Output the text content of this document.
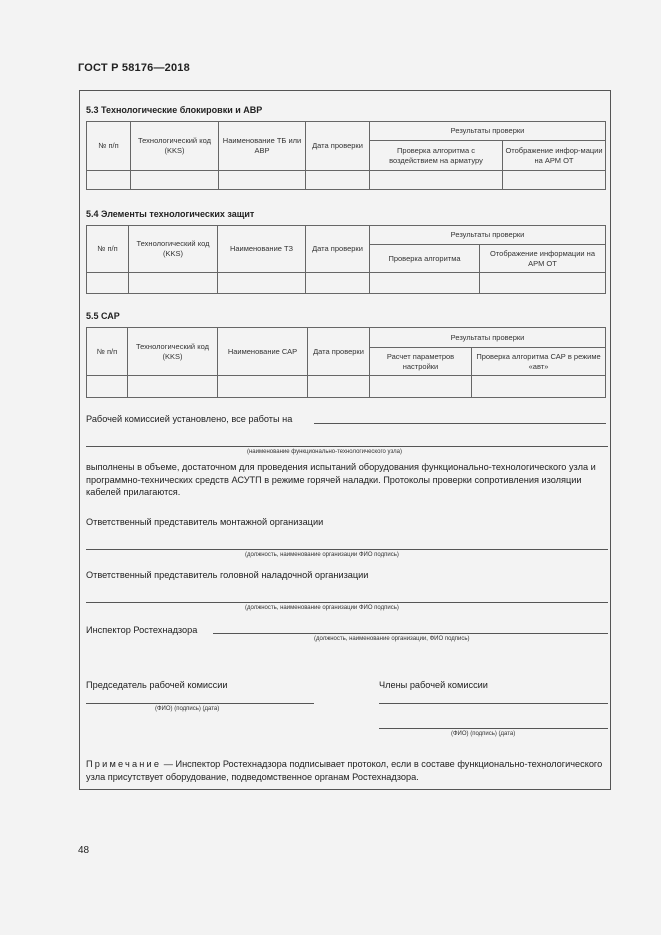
ГОСТ Р 58176—2018
5.3 Технологические блокировки и АВР
№ п/п	Технологический код (KKS)	Наименование ТБ или АВР	Дата проверки	Результаты проверки	
				Проверка алгоритма с воздействием на арматуру	Отображение инфор-мации на АРМ ОТ

5.4 Элементы технологических защит
№ п/п	Технологический код (KKS)	Наименование ТЗ	Дата проверки	Результаты проверки	
				Проверка алгоритма	Отображение информации на АРМ ОТ

5.5 САР
№ п/п	Технологический код (KKS)	Наименование САР	Дата проверки	Результаты проверки	
				Расчет параметров настройки	Проверка алгоритма САР в режиме «авт»

Рабочей комиссией установлено, все работы на
(наименование функционально-технологического узла)
выполнены в объеме, достаточном для проведения испытаний оборудования функционально-технологического узла и программно-технических средств АСУТП в режиме горячей наладки. Протоколы проверки сопротивления изоляции кабелей прилагаются.
Ответственный представитель монтажной организации
(должность, наименование организации ФИО подпись)
Ответственный представитель головной наладочной организации
(должность, наименование организации ФИО подпись)
Инспектор Ростехнадзора
(должность, наименование организации, ФИО подпись)
Председатель рабочей комиссии
(ФИО) (подпись) (дата)
Члены рабочей комиссии
(ФИО) (подпись) (дата)
Примечание — Инспектор Ростехнадзора подписывает протокол, если в составе функционально-технологического узла присутствует оборудование, подведомственное органам Ростехнадзора.
48
